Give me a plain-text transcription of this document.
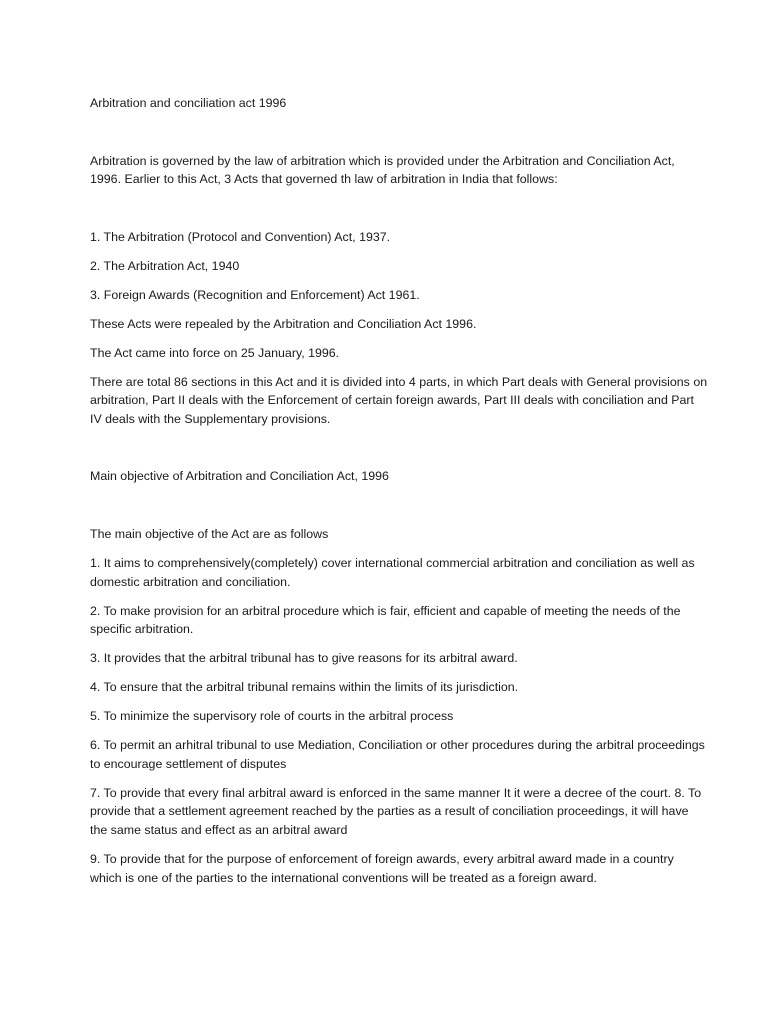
Arbitration and conciliation act 1996

Arbitration is governed by the law of arbitration which is provided under the Arbitration and Conciliation Act, 1996. Earlier to this Act, 3 Acts that governed th law of arbitration in India that follows:

1. The Arbitration (Protocol and Convention) Act, 1937.

2. The Arbitration Act, 1940

3. Foreign Awards (Recognition and Enforcement) Act 1961.

These Acts were repealed by the Arbitration and Conciliation Act 1996.

The Act came into force on 25 January, 1996.

There are total 86 sections in this Act and it is divided into 4 parts, in which Part deals with General provisions on arbitration, Part II deals with the Enforcement of certain foreign awards, Part III deals with conciliation and Part IV deals with the Supplementary provisions.

Main objective of Arbitration and Conciliation Act, 1996

The main objective of the Act are as follows

1. It aims to comprehensively(completely) cover international commercial arbitration and conciliation as well as domestic arbitration and conciliation.

2. To make provision for an arbitral procedure which is fair, efficient and capable of meeting the needs of the specific arbitration.

3. It provides that the arbitral tribunal has to give reasons for its arbitral award.

4. To ensure that the arbitral tribunal remains within the limits of its jurisdiction.

5. To minimize the supervisory role of courts in the arbitral process

6. To permit an arhitral tribunal to use Mediation, Conciliation or other procedures during the arbitral proceedings to encourage settlement of disputes

7. To provide that every final arbitral award is enforced in the same manner It it were a decree of the court. 8. To provide that a settlement agreement reached by the parties as a result of conciliation proceedings, it will have the same status and effect as an arbitral award

9. To provide that for the purpose of enforcement of foreign awards, every arbitral award made in a country which is one of the parties to the international conventions will be treated as a foreign award.
